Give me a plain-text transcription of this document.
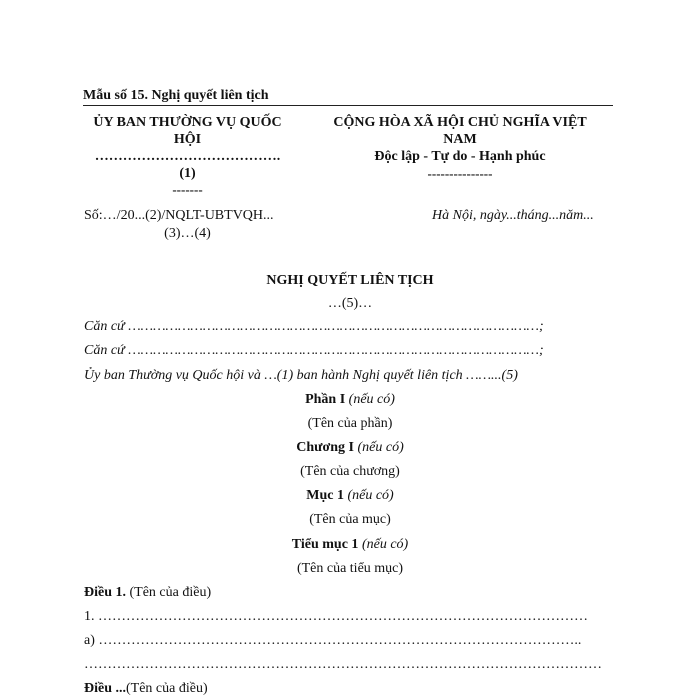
Mẫu số 15. Nghị quyết liên tịch
ỦY BAN THƯỜNG VỤ QUỐC
HỘI
………………………………….
(1)
-------
CỘNG HÒA XÃ HỘI CHỦ NGHĨA VIỆT
NAM
Độc lập - Tự do - Hạnh phúc
---------------
Số:…/20...(2)/NQLT-UBTVQH...
(3)…(4)
Hà Nội, ngày...tháng...năm...
NGHỊ QUYẾT LIÊN TỊCH
…(5)…
Căn cứ ………………………………………………………………………………………;
Căn cứ ………………………………………………………………………………………;
Ủy ban Thường vụ Quốc hội và …(1) ban hành Nghị quyết liên tịch ……...(5)
Phần I (nếu có)
(Tên của phần)
Chương I (nếu có)
(Tên của chương)
Mục 1 (nếu có)
(Tên của mục)
Tiểu mục 1 (nếu có)
(Tên của tiểu mục)
Điều 1. (Tên của điều)
1. ……………………………………………………………………………………………
a) …………………………………………………………………………………………..
…………………………………………………………………………………………………
Điều ...(Tên của điều)
